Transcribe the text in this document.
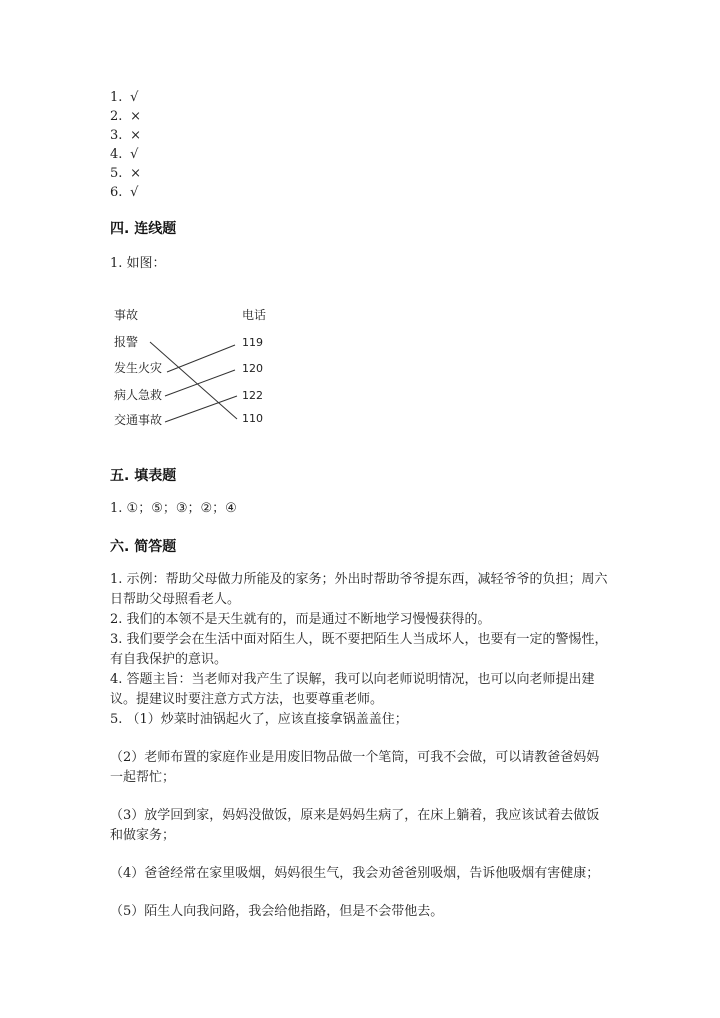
1. √
2. ×
3. ×
4. √
5. ×
6. √
四. 连线题
1. 如图：
事故	电话
报警
发生火灾
病人急救
交通事故
119
120
122
110
五. 填表题
1. ①；⑤；③；②；④
六. 简答题

1. 示例：帮助父母做力所能及的家务；外出时帮助爷爷提东西，减轻爷爷的负担；周六日帮助父母照看老人。

2. 我们的本领不是天生就有的，而是通过不断地学习慢慢获得的。

3. 我们要学会在生活中面对陌生人，既不要把陌生人当成坏人，也要有一定的警惕性，有自我保护的意识。

4. 答题主旨：当老师对我产生了误解，我可以向老师说明情况，也可以向老师提出建议。提建议时要注意方式方法，也要尊重老师。

5. （1）炒菜时油锅起火了，应该直接拿锅盖盖住；

（2）老师布置的家庭作业是用废旧物品做一个笔筒，可我不会做，可以请教爸爸妈妈一起帮忙；

（3）放学回到家，妈妈没做饭，原来是妈妈生病了，在床上躺着，我应该试着去做饭和做家务；

（4）爸爸经常在家里吸烟，妈妈很生气，我会劝爸爸别吸烟，告诉他吸烟有害健康；

（5）陌生人向我问路，我会给他指路，但是不会带他去。
